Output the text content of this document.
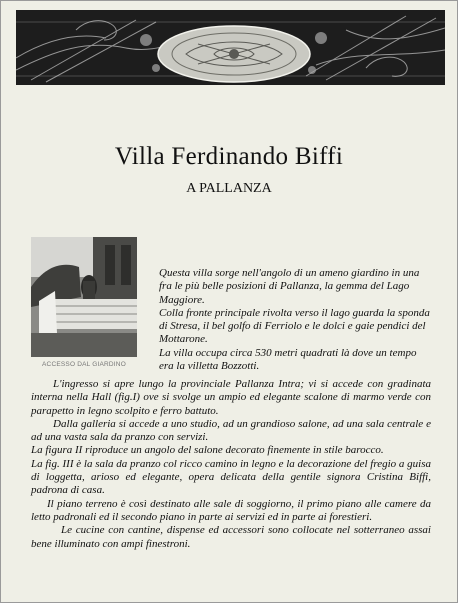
Villa Ferdinando Biffi
A PALLANZA
ACCESSO DAL GIARDINO

Questa villa sorge nell'angolo di un ameno giardino in una fra le più belle posizioni di Pallanza, la gemma del Lago Maggiore.

Colla fronte principale rivolta verso il lago guarda la sponda di Stresa, il bel golfo di Ferriolo e le dolci e gaie pendici del Mottarone.

La villa occupa circa 530 metri quadrati là dove un tempo era la villetta Bozzotti.

L'ingresso si apre lungo la provinciale Pallanza Intra; vi si accede con gradinata interna nella Hall (fig.I) ove si svolge un ampio ed elegante scalone di marmo verde con parapetto in legno scolpito e ferro battuto.

Dalla galleria si accede a uno studio, ad un grandioso salone, ad una sala centrale e ad una vasta sala da pranzo con servizi.

La figura II riproduce un angolo del salone decorato finemente in stile barocco.

La fig. III è la sala da pranzo col ricco camino in legno e la decorazione del fregio a guisa di loggetta, arioso ed elegante, opera delicata della gentile signora Cristina Biffi, padrona di casa.

Il piano terreno è così destinato alle sale di soggiorno, il primo piano alle camere da letto padronali ed il secondo piano in parte ai servizi ed in parte ai forestieri.

Le cucine con cantine, dispense ed accessori sono collocate nel sotterraneo assai bene illuminato con ampi finestroni.
